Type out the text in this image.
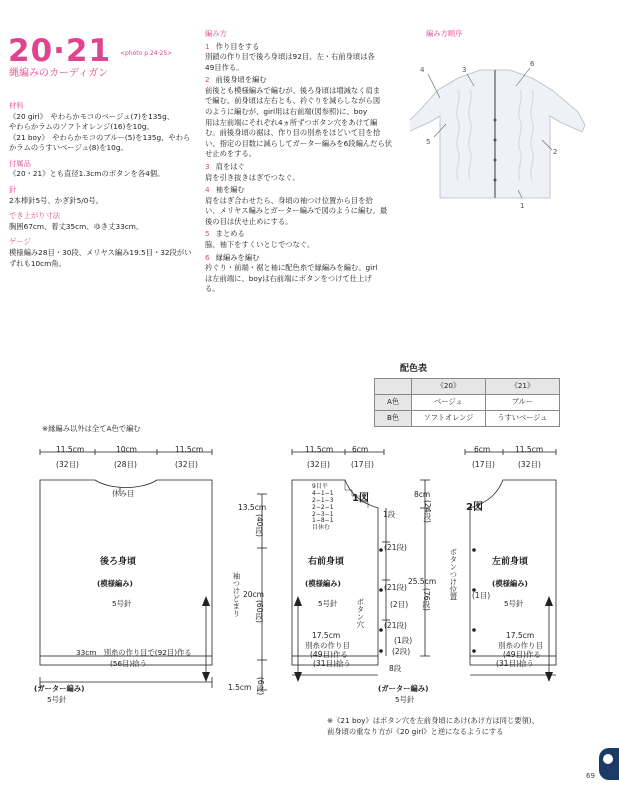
20·21 <photo p.24·25>
縄編みのカーディガン
材料

《20 girl》　やわらかモコのベージュ(7)を135g、

やわらかラムのソフトオレンジ(16)を10g。

《21 boy》　やわらかモコのブルー(5)を135g、やわら

かラムのうすいベージュ(8)を10g。

付属品

《20・21》とも直径1.3cmのボタンを各4個。

針

2本棒針5号、かぎ針5/0号。

でき上がり寸法

胸囲67cm、着丈35cm、ゆき丈33cm。

ゲージ

模様編み28目・30段、メリヤス編み19.5目・32段がい

ずれも10cm角。

編み方
1 作り目をする

別鎖の作り目で後ろ身頃は92目、左・右前身頃は各

49目作る。

2 前後身頃を編む

前後とも模様編みで編むが、後ろ身頃は増減なく肩ま

で編む。前身頃は左右とも、衿ぐりを減らしながら図

のように編むが、girl用は右前端(図参照)に、boy

用は左前端にそれぞれ4ヵ所ずつボタン穴をあけて編

む。前後身頃の裾は、作り目の別糸をほどいて目を拾

い、指定の目数に減らしてガーター編みを6段編んだら伏

せ止めをする。

3 肩をはぐ

肩を引き抜きはぎでつなぐ。

4 袖を編む

肩をはぎ合わせたら、身頃の袖つけ位置から目を拾

い、メリヤス編みとガーター編みで図のように編む。最

後の目は伏せ止めにする。

5 まとめる

脇、袖下をすくいとじでつなぐ。

6 縁編みを編む

衿ぐり・前端・裾と袖に配色糸で縁編みを編む。girl

は左前端に、boyは右前端にボタンをつけて仕上げ

る。

編み方順序
4	3
6
5
2
1
配色表
	《20》	《21》
A色	ベージュ	ブルー
B色	ソフトオレンジ	うすいベージュ
※縁編み以外は全てA色で編む
11.5cm
(32目)
10cm
(28目)
11.5cm
(32目)
休み目
後ろ身頃
(模様編み)
5号針
33cm　別糸の作り目で(92目)作る
(56目)拾う
(ガーター編み)
5号針
13.5cm
(40段)
20cm
(60段)
1.5cm (6段)
袖つけどまり
11.5cm
(32目)
6cm
(17目)
1図
9目平
4−1−1
2−1−3
2−2−1
2−3−1
1−8−1
目休む
1段
右前身頃
(模様編み)
5号針 ボタン穴
(21段)
(21段)
(2目)
(21段)
(1段)
(2段)
17.5cm
別糸の作り目
(49目)作る
(31目)拾う
8段
(ガーター編み)
5号針
8cm
(24段)
25.5cm
(76段)
6cm
(17目)
11.5cm
(32目)
2図
左前身頃
(模様編み)
5号針
(1目)
ボタンつけ位置
17.5cm
別糸の作り目
(49目)作る
(31目)拾う
※《21 boy》はボタン穴を左前身頃にあけ(あけ方は同じ要領)、
前身頃の重なり方が《20 girl》と逆になるようにする
69
